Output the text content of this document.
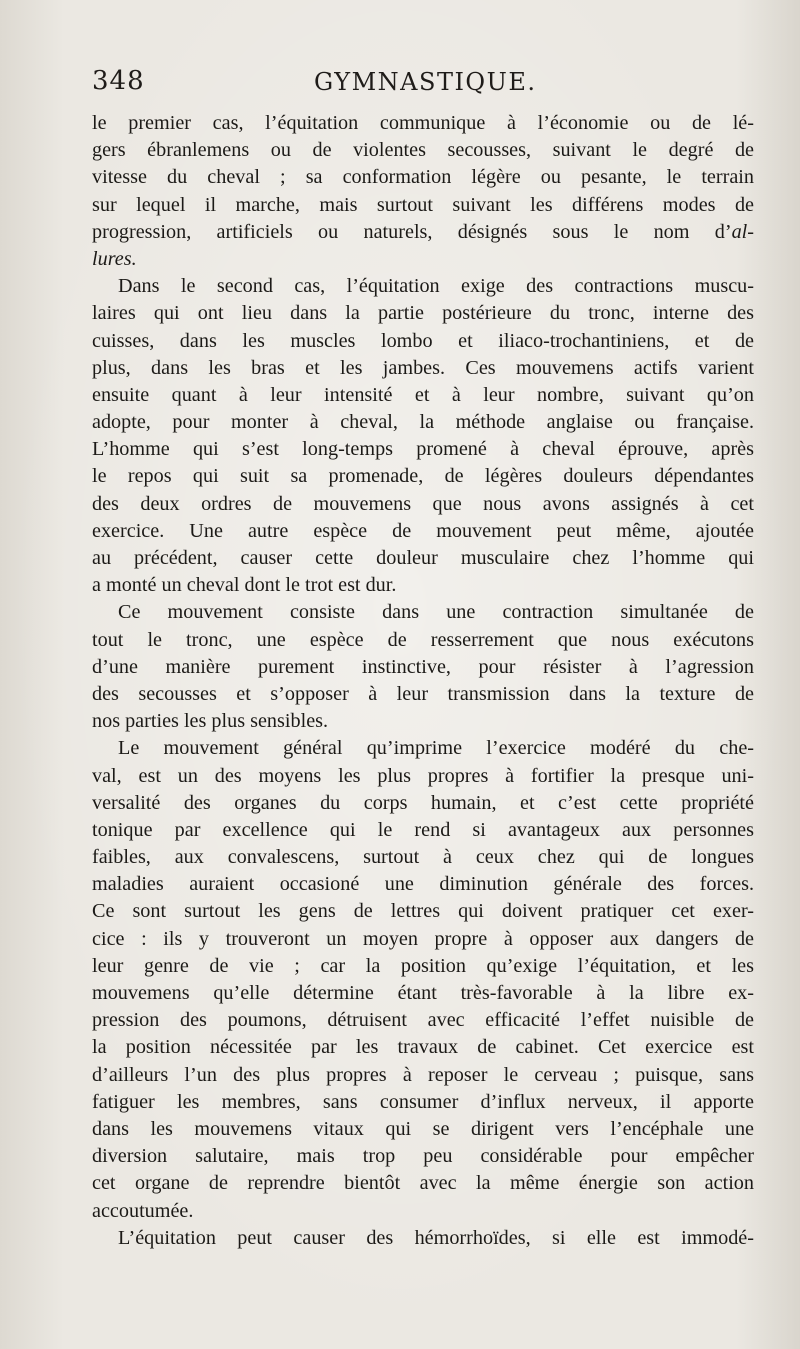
348	GYMNASTIQUE.
le premier cas, l’équitation communique à l’économie ou de lé-
gers ébranlemens ou de violentes secousses, suivant le degré de
vitesse du cheval ; sa conformation légère ou pesante, le terrain
sur lequel il marche, mais surtout suivant les différens modes de
progression, artificiels ou naturels, désignés sous le nom d’al-
lures.
Dans le second cas, l’équitation exige des contractions muscu-
laires qui ont lieu dans la partie postérieure du tronc, interne des
cuisses, dans les muscles lombo et iliaco-trochantiniens, et de
plus, dans les bras et les jambes. Ces mouvemens actifs varient
ensuite quant à leur intensité et à leur nombre, suivant qu’on
adopte, pour monter à cheval, la méthode anglaise ou française.
L’homme qui s’est long-temps promené à cheval éprouve, après
le repos qui suit sa promenade, de légères douleurs dépendantes
des deux ordres de mouvemens que nous avons assignés à cet
exercice. Une autre espèce de mouvement peut même, ajoutée
au précédent, causer cette douleur musculaire chez l’homme qui
a monté un cheval dont le trot est dur.
Ce mouvement consiste dans une contraction simultanée de
tout le tronc, une espèce de resserrement que nous exécutons
d’une manière purement instinctive, pour résister à l’agression
des secousses et s’opposer à leur transmission dans la texture de
nos parties les plus sensibles.
Le mouvement général qu’imprime l’exercice modéré du che-
val, est un des moyens les plus propres à fortifier la presque uni-
versalité des organes du corps humain, et c’est cette propriété
tonique par excellence qui le rend si avantageux aux personnes
faibles, aux convalescens, surtout à ceux chez qui de longues
maladies auraient occasioné une diminution générale des forces.
Ce sont surtout les gens de lettres qui doivent pratiquer cet exer-
cice : ils y trouveront un moyen propre à opposer aux dangers de
leur genre de vie ; car la position qu’exige l’équitation, et les
mouvemens qu’elle détermine étant très-favorable à la libre ex-
pression des poumons, détruisent avec efficacité l’effet nuisible de
la position nécessitée par les travaux de cabinet. Cet exercice est
d’ailleurs l’un des plus propres à reposer le cerveau ; puisque, sans
fatiguer les membres, sans consumer d’influx nerveux, il apporte
dans les mouvemens vitaux qui se dirigent vers l’encéphale une
diversion salutaire, mais trop peu considérable pour empêcher
cet organe de reprendre bientôt avec la même énergie son action
accoutumée.
L’équitation peut causer des hémorrhoïdes, si elle est immodé-
